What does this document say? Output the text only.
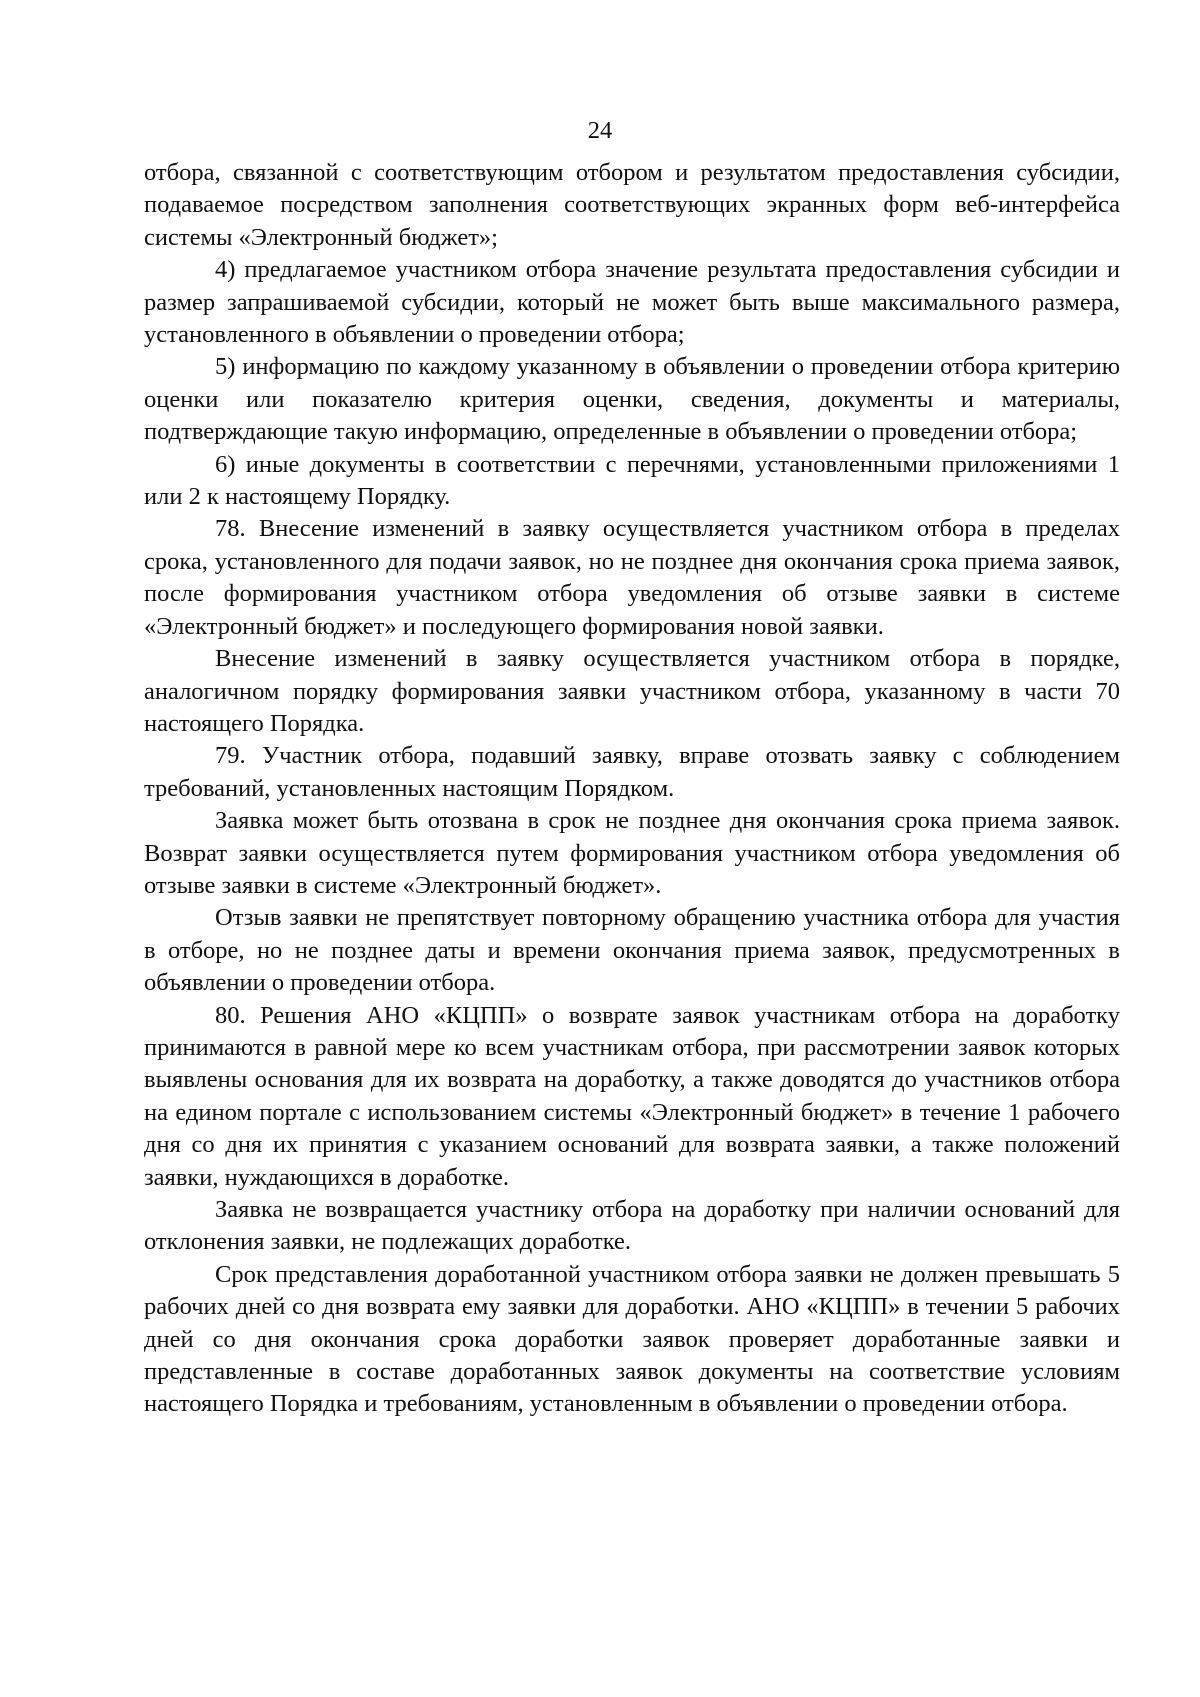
24

отбора, связанной с соответствующим отбором и результатом предоставления субсидии, подаваемое посредством заполнения соответствующих экранных форм веб-интерфейса системы «Электронный бюджет»;

4) предлагаемое участником отбора значение результата предоставления субсидии и размер запрашиваемой субсидии, который не может быть выше максимального размера, установленного в объявлении о проведении отбора;

5) информацию по каждому указанному в объявлении о проведении отбора критерию оценки или показателю критерия оценки, сведения, документы и материалы, подтверждающие такую информацию, определенные в объявлении о проведении отбора;

6) иные документы в соответствии с перечнями, установленными приложениями 1 или 2 к настоящему Порядку.

78. Внесение изменений в заявку осуществляется участником отбора в пределах срока, установленного для подачи заявок, но не позднее дня окончания срока приема заявок, после формирования участником отбора уведомления об отзыве заявки в системе «Электронный бюджет» и последующего формирования новой заявки.

Внесение изменений в заявку осуществляется участником отбора в порядке, аналогичном порядку формирования заявки участником отбора, указанному в части 70 настоящего Порядка.

79. Участник отбора, подавший заявку, вправе отозвать заявку с соблюдением требований, установленных настоящим Порядком.

Заявка может быть отозвана в срок не позднее дня окончания срока приема заявок. Возврат заявки осуществляется путем формирования участником отбора уведомления об отзыве заявки в системе «Электронный бюджет».

Отзыв заявки не препятствует повторному обращению участника отбора для участия в отборе, но не позднее даты и времени окончания приема заявок, предусмотренных в объявлении о проведении отбора.

80. Решения АНО «КЦПП» о возврате заявок участникам отбора на доработку принимаются в равной мере ко всем участникам отбора, при рассмотрении заявок которых выявлены основания для их возврата на доработку, а также доводятся до участников отбора на едином портале с использованием системы «Электронный бюджет» в течение 1 рабочего дня со дня их принятия с указанием оснований для возврата заявки, а также положений заявки, нуждающихся в доработке.

Заявка не возвращается участнику отбора на доработку при наличии оснований для отклонения заявки, не подлежащих доработке.

Срок представления доработанной участником отбора заявки не должен превышать 5 рабочих дней со дня возврата ему заявки для доработки. АНО «КЦПП» в течении 5 рабочих дней со дня окончания срока доработки заявок проверяет доработанные заявки и представленные в составе доработанных заявок документы на соответствие условиям настоящего Порядка и требованиям, установленным в объявлении о проведении отбора.
